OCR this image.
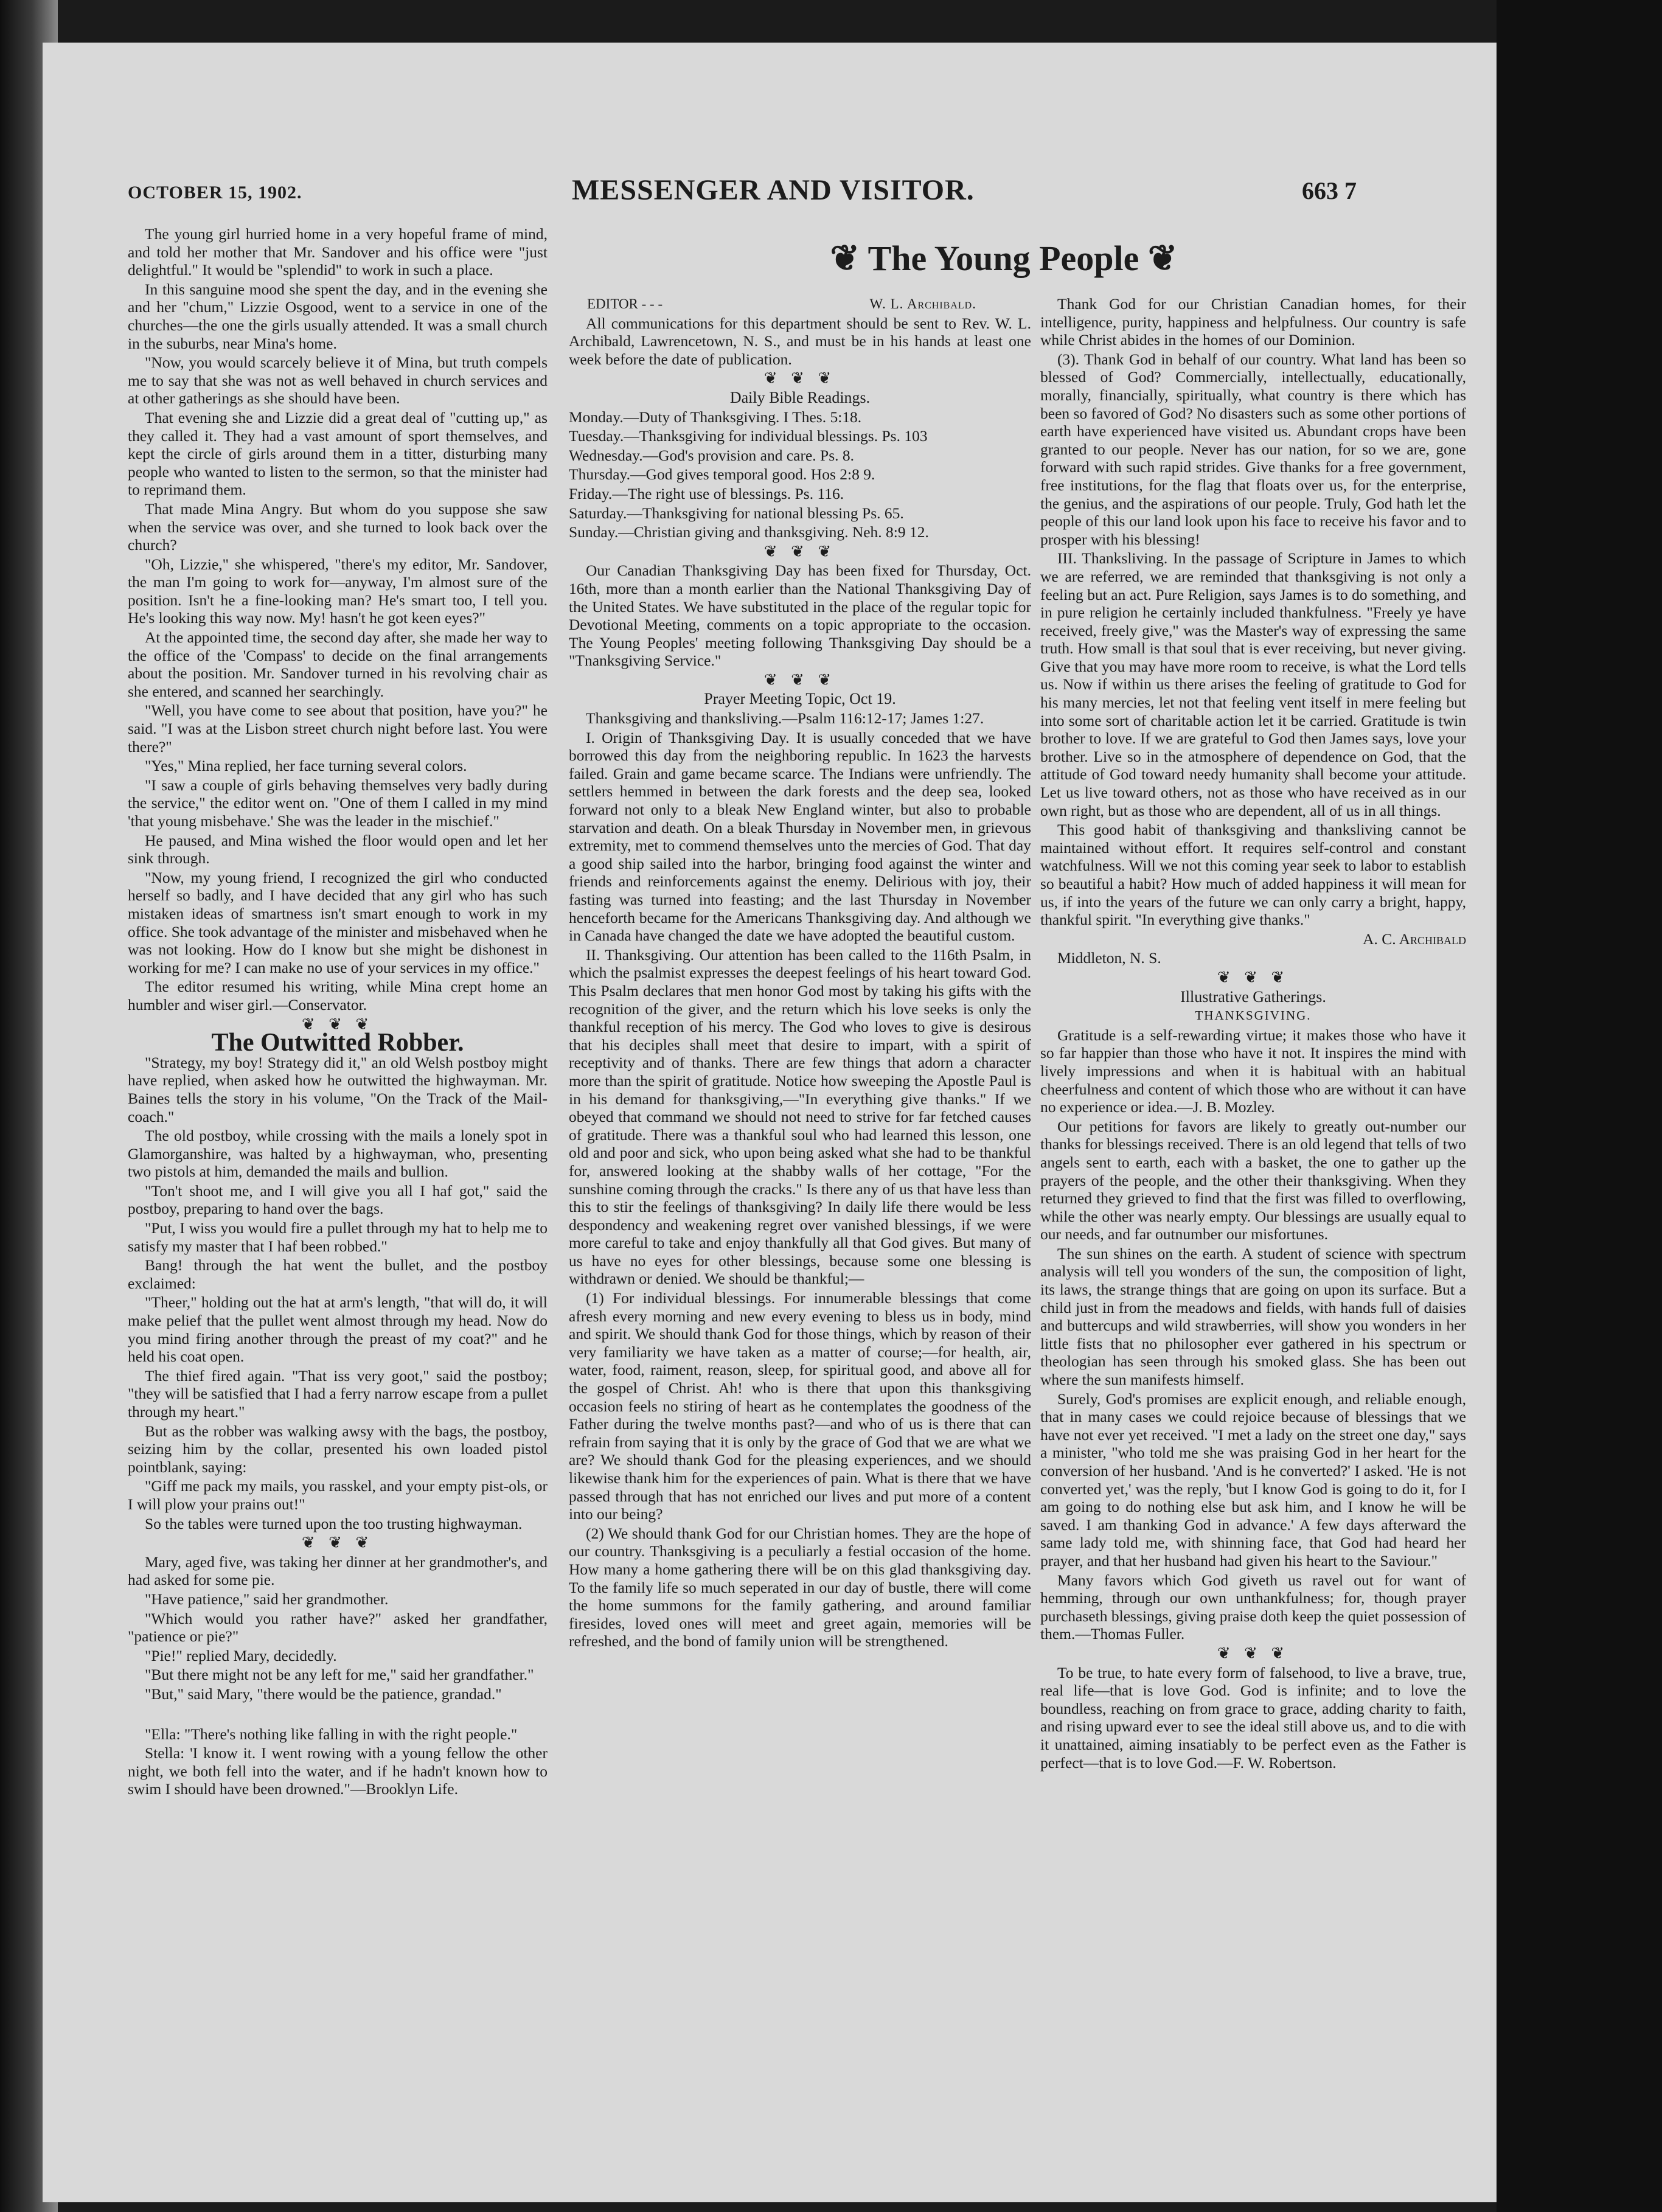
OCTOBER 15, 1902.	MESSENGER AND VISITOR.	663 7
❦ The Young People ❦

The young girl hurried home in a very hopeful frame of mind, and told her mother that Mr. Sandover and his office were "just delightful." It would be "splendid" to work in such a place.

In this sanguine mood she spent the day, and in the evening she and her "chum," Lizzie Osgood, went to a service in one of the churches—the one the girls usually attended. It was a small church in the suburbs, near Mina's home.

"Now, you would scarcely believe it of Mina, but truth compels me to say that she was not as well behaved in church services and at other gatherings as she should have been.

That evening she and Lizzie did a great deal of "cutting up," as they called it. They had a vast amount of sport themselves, and kept the circle of girls around them in a titter, disturbing many people who wanted to listen to the sermon, so that the minister had to reprimand them.

That made Mina Angry. But whom do you suppose she saw when the service was over, and she turned to look back over the church?

"Oh, Lizzie," she whispered, "there's my editor, Mr. Sandover, the man I'm going to work for—anyway, I'm almost sure of the position. Isn't he a fine-looking man? He's smart too, I tell you. He's looking this way now. My! hasn't he got keen eyes?"

At the appointed time, the second day after, she made her way to the office of the 'Compass' to decide on the final arrangements about the position. Mr. Sandover turned in his revolving chair as she entered, and scanned her searchingly.

"Well, you have come to see about that position, have you?" he said. "I was at the Lisbon street church night before last. You were there?"

"Yes," Mina replied, her face turning several colors.

"I saw a couple of girls behaving themselves very badly during the service," the editor went on. "One of them I called in my mind 'that young misbehave.' She was the leader in the mischief."

He paused, and Mina wished the floor would open and let her sink through.

"Now, my young friend, I recognized the girl who conducted herself so badly, and I have decided that any girl who has such mistaken ideas of smartness isn't smart enough to work in my office. She took advantage of the minister and misbehaved when he was not looking. How do I know but she might be dishonest in working for me? I can make no use of your services in my office."

The editor resumed his writing, while Mina crept home an humbler and wiser girl.—Conservator.

❦ ❦ ❦

The Outwitted Robber.

"Strategy, my boy! Strategy did it," an old Welsh postboy might have replied, when asked how he outwitted the highwayman. Mr. Baines tells the story in his volume, "On the Track of the Mail-coach."

The old postboy, while crossing with the mails a lonely spot in Glamorganshire, was halted by a highwayman, who, presenting two pistols at him, demanded the mails and bullion.

"Ton't shoot me, and I will give you all I haf got," said the postboy, preparing to hand over the bags.

"Put, I wiss you would fire a pullet through my hat to help me to satisfy my master that I haf been robbed."

Bang! through the hat went the bullet, and the postboy exclaimed:

"Theer," holding out the hat at arm's length, "that will do, it will make pelief that the pullet went almost through my head. Now do you mind firing another through the preast of my coat?" and he held his coat open.

The thief fired again. "That iss very goot," said the postboy; "they will be satisfied that I had a ferry narrow escape from a pullet through my heart."

But as the robber was walking awsy with the bags, the postboy, seizing him by the collar, presented his own loaded pistol pointblank, saying:

"Giff me pack my mails, you rasskel, and your empty pist-ols, or I will plow your prains out!"

So the tables were turned upon the too trusting highwayman.

❦ ❦ ❦

Mary, aged five, was taking her dinner at her grandmother's, and had asked for some pie.

"Have patience," said her grandmother.

"Which would you rather have?" asked her grandfather, "patience or pie?"

"Pie!" replied Mary, decidedly.

"But there might not be any left for me," said her grandfather."

"But," said Mary, "there would be the patience, grandad."

"Ella: "There's nothing like falling in with the right people."

Stella: 'I know it. I went rowing with a young fellow the other night, we both fell into the water, and if he hadn't known how to swim I should have been drowned."—Brooklyn Life.

EDITOR - - -	W. L. Archibald.

All communications for this department should be sent to Rev. W. L. Archibald, Lawrencetown, N. S., and must be in his hands at least one week before the date of publication.

❦ ❦ ❦

Daily Bible Readings.

Monday.—Duty of Thanksgiving. I Thes. 5:18.

Tuesday.—Thanksgiving for individual blessings. Ps. 103

Wednesday.—God's provision and care. Ps. 8.

Thursday.—God gives temporal good. Hos 2:8 9.

Friday.—The right use of blessings. Ps. 116.

Saturday.—Thanksgiving for national blessing Ps. 65.

Sunday.—Christian giving and thanksgiving. Neh. 8:9 12.

❦ ❦ ❦

Our Canadian Thanksgiving Day has been fixed for Thursday, Oct. 16th, more than a month earlier than the National Thanksgiving Day of the United States. We have substituted in the place of the regular topic for Devotional Meeting, comments on a topic appropriate to the occasion. The Young Peoples' meeting following Thanksgiving Day should be a "Tnanksgiving Service."

❦ ❦ ❦

Prayer Meeting Topic, Oct 19.

Thanksgiving and thanksliving.—Psalm 116:12-17; James 1:27.

I. Origin of Thanksgiving Day. It is usually conceded that we have borrowed this day from the neighboring republic. In 1623 the harvests failed. Grain and game became scarce. The Indians were unfriendly. The settlers hemmed in between the dark forests and the deep sea, looked forward not only to a bleak New England winter, but also to probable starvation and death. On a bleak Thursday in November men, in grievous extremity, met to commend themselves unto the mercies of God. That day a good ship sailed into the harbor, bringing food against the winter and friends and reinforcements against the enemy. Delirious with joy, their fasting was turned into feasting; and the last Thursday in November henceforth became for the Americans Thanksgiving day. And although we in Canada have changed the date we have adopted the beautiful custom.

II. Thanksgiving. Our attention has been called to the 116th Psalm, in which the psalmist expresses the deepest feelings of his heart toward God. This Psalm declares that men honor God most by taking his gifts with the recognition of the giver, and the return which his love seeks is only the thankful reception of his mercy. The God who loves to give is desirous that his deciples shall meet that desire to impart, with a spirit of receptivity and of thanks. There are few things that adorn a character more than the spirit of gratitude. Notice how sweeping the Apostle Paul is in his demand for thanksgiving,—"In everything give thanks." If we obeyed that command we should not need to strive for far fetched causes of gratitude. There was a thankful soul who had learned this lesson, one old and poor and sick, who upon being asked what she had to be thankful for, answered looking at the shabby walls of her cottage, "For the sunshine coming through the cracks." Is there any of us that have less than this to stir the feelings of thanksgiving? In daily life there would be less despondency and weakening regret over vanished blessings, if we were more careful to take and enjoy thankfully all that God gives. But many of us have no eyes for other blessings, because some one blessing is withdrawn or denied. We should be thankful;—

(1) For individual blessings. For innumerable blessings that come afresh every morning and new every evening to bless us in body, mind and spirit. We should thank God for those things, which by reason of their very familiarity we have taken as a matter of course;—for health, air, water, food, raiment, reason, sleep, for spiritual good, and above all for the gospel of Christ. Ah! who is there that upon this thanksgiving occasion feels no stiring of heart as he contemplates the goodness of the Father during the twelve months past?—and who of us is there that can refrain from saying that it is only by the grace of God that we are what we are? We should thank God for the pleasing experiences, and we should likewise thank him for the experiences of pain. What is there that we have passed through that has not enriched our lives and put more of a content into our being?

(2) We should thank God for our Christian homes. They are the hope of our country. Thanksgiving is a peculiarly a festial occasion of the home. How many a home gathering there will be on this glad thanksgiving day. To the family life so much seperated in our day of bustle, there will come the home summons for the family gathering, and around familiar firesides, loved ones will meet and greet again, memories will be refreshed, and the bond of family union will be strengthened.

Thank God for our Christian Canadian homes, for their intelligence, purity, happiness and helpfulness. Our country is safe while Christ abides in the homes of our Dominion.

(3). Thank God in behalf of our country. What land has been so blessed of God? Commercially, intellectually, educationally, morally, financially, spiritually, what country is there which has been so favored of God? No disasters such as some other portions of earth have experienced have visited us. Abundant crops have been granted to our people. Never has our nation, for so we are, gone forward with such rapid strides. Give thanks for a free government, free institutions, for the flag that floats over us, for the enterprise, the genius, and the aspirations of our people. Truly, God hath let the people of this our land look upon his face to receive his favor and to prosper with his blessing!

III. Thanksliving. In the passage of Scripture in James to which we are referred, we are reminded that thanksgiving is not only a feeling but an act. Pure Religion, says James is to do something, and in pure religion he certainly included thankfulness. "Freely ye have received, freely give," was the Master's way of expressing the same truth. How small is that soul that is ever receiving, but never giving. Give that you may have more room to receive, is what the Lord tells us. Now if within us there arises the feeling of gratitude to God for his many mercies, let not that feeling vent itself in mere feeling but into some sort of charitable action let it be carried. Gratitude is twin brother to love. If we are grateful to God then James says, love your brother. Live so in the atmosphere of dependence on God, that the attitude of God toward needy humanity shall become your attitude. Let us live toward others, not as those who have received as in our own right, but as those who are dependent, all of us in all things.

This good habit of thanksgiving and thanksliving cannot be maintained without effort. It requires self-control and constant watchfulness. Will we not this coming year seek to labor to establish so beautiful a habit? How much of added happiness it will mean for us, if into the years of the future we can only carry a bright, happy, thankful spirit. "In everything give thanks."

A. C. Archibald

Middleton, N. S.

❦ ❦ ❦

Illustrative Gatherings.

THANKSGIVING.

Gratitude is a self-rewarding virtue; it makes those who have it so far happier than those who have it not. It inspires the mind with lively impressions and when it is habitual with an habitual cheerfulness and content of which those who are without it can have no experience or idea.—J. B. Mozley.

Our petitions for favors are likely to greatly out-number our thanks for blessings received. There is an old legend that tells of two angels sent to earth, each with a basket, the one to gather up the prayers of the people, and the other their thanksgiving. When they returned they grieved to find that the first was filled to overflowing, while the other was nearly empty. Our blessings are usually equal to our needs, and far outnumber our misfortunes.

The sun shines on the earth. A student of science with spectrum analysis will tell you wonders of the sun, the composition of light, its laws, the strange things that are going on upon its surface. But a child just in from the meadows and fields, with hands full of daisies and buttercups and wild strawberries, will show you wonders in her little fists that no philosopher ever gathered in his spectrum or theologian has seen through his smoked glass. She has been out where the sun manifests himself.

Surely, God's promises are explicit enough, and reliable enough, that in many cases we could rejoice because of blessings that we have not ever yet received. "I met a lady on the street one day," says a minister, "who told me she was praising God in her heart for the conversion of her husband. 'And is he converted?' I asked. 'He is not converted yet,' was the reply, 'but I know God is going to do it, for I am going to do nothing else but ask him, and I know he will be saved. I am thanking God in advance.' A few days afterward the same lady told me, with shinning face, that God had heard her prayer, and that her husband had given his heart to the Saviour."

Many favors which God giveth us ravel out for want of hemming, through our own unthankfulness; for, though prayer purchaseth blessings, giving praise doth keep the quiet possession of them.—Thomas Fuller.

❦ ❦ ❦

To be true, to hate every form of falsehood, to live a brave, true, real life—that is love God. God is infinite; and to love the boundless, reaching on from grace to grace, adding charity to faith, and rising upward ever to see the ideal still above us, and to die with it unattained, aiming insatiably to be perfect even as the Father is perfect—that is to love God.—F. W. Robertson.
